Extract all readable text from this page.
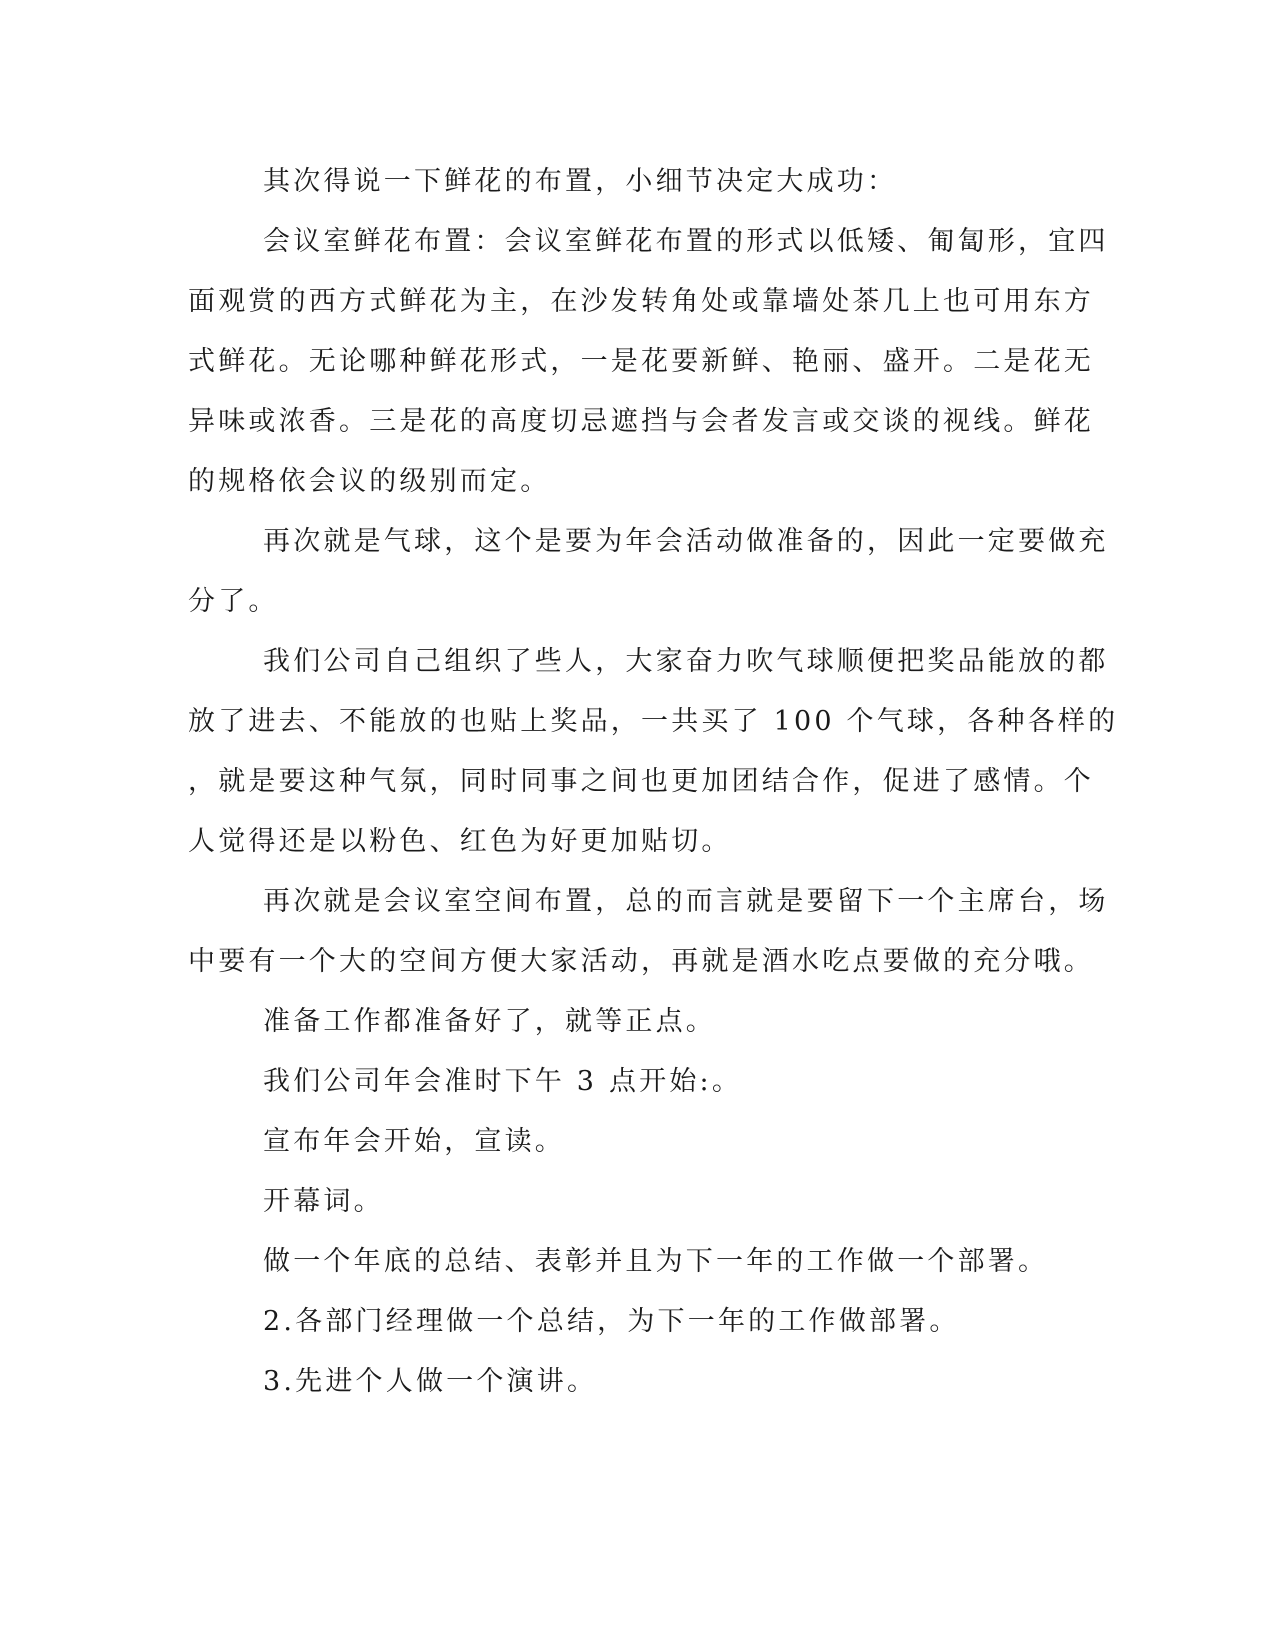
其次得说一下鲜花的布置，小细节决定大成功：
会议室鲜花布置：会议室鲜花布置的形式以低矮、匍匐形，宜四
面观赏的西方式鲜花为主，在沙发转角处或靠墙处茶几上也可用东方
式鲜花。无论哪种鲜花形式，一是花要新鲜、艳丽、盛开。二是花无
异味或浓香。三是花的高度切忌遮挡与会者发言或交谈的视线。鲜花
的规格依会议的级别而定。
再次就是气球，这个是要为年会活动做准备的，因此一定要做充
分了。
我们公司自己组织了些人，大家奋力吹气球顺便把奖品能放的都
放了进去、不能放的也贴上奖品，一共买了 100 个气球，各种各样的
，就是要这种气氛，同时同事之间也更加团结合作，促进了感情。个
人觉得还是以粉色、红色为好更加贴切。
再次就是会议室空间布置，总的而言就是要留下一个主席台，场
中要有一个大的空间方便大家活动，再就是酒水吃点要做的充分哦。
准备工作都准备好了，就等正点。
我们公司年会准时下午 3 点开始:。
宣布年会开始，宣读。
开幕词。
做一个年底的总结、表彰并且为下一年的工作做一个部署。
2.各部门经理做一个总结，为下一年的工作做部署。
3.先进个人做一个演讲。
